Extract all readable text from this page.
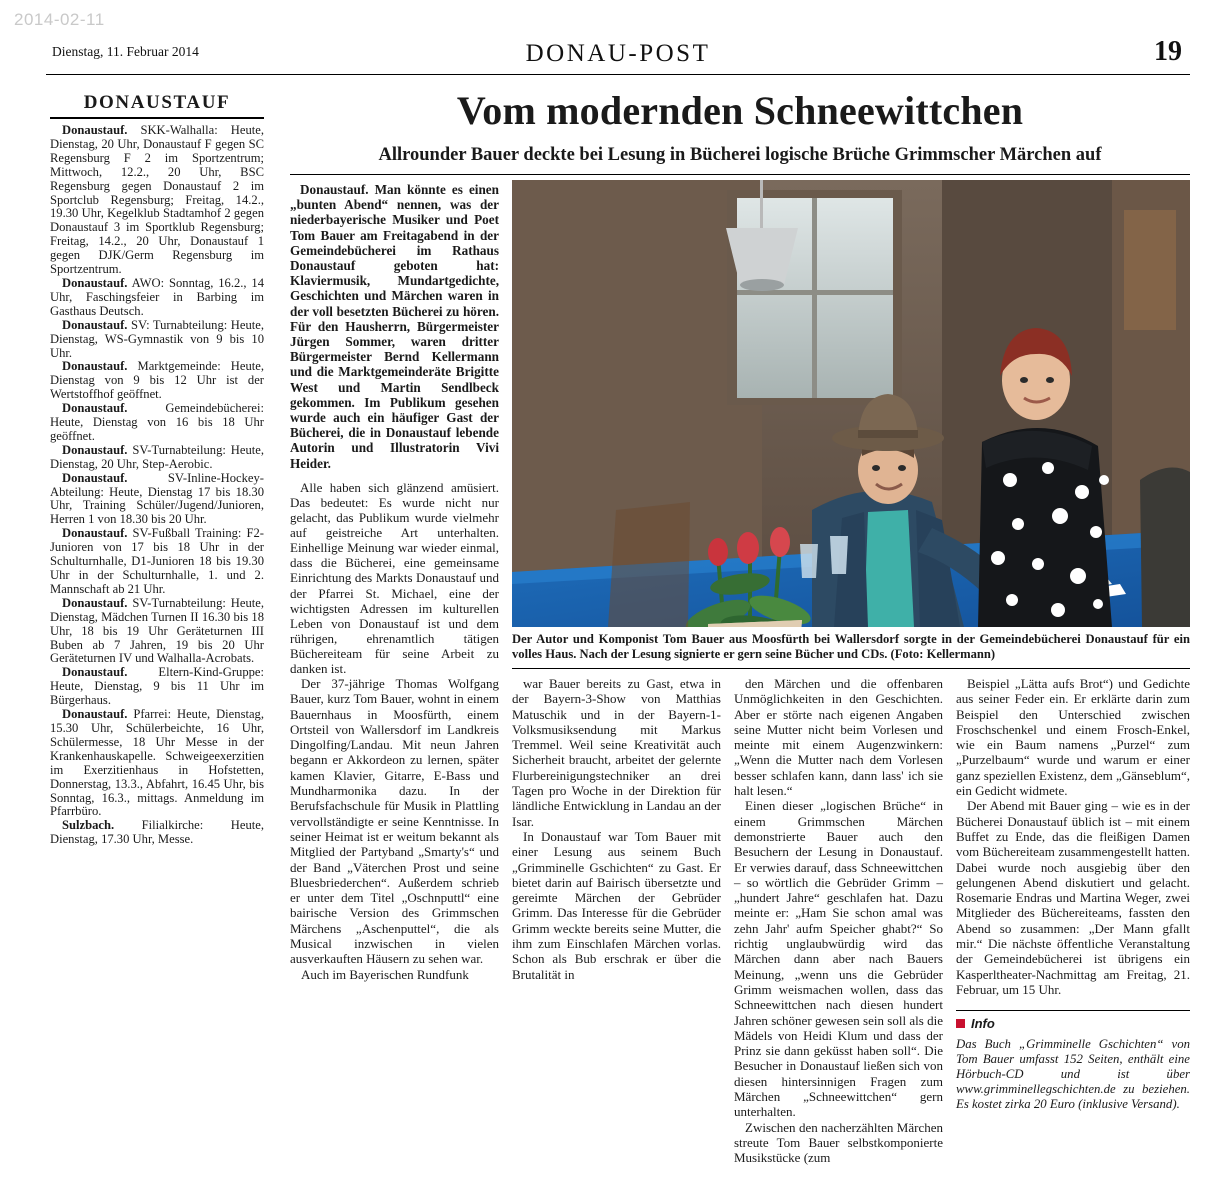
2014-02-11
Dienstag, 11. Februar 2014	DONAU-POST	19
DONAUSTAUF

Donaustauf. SKK-Walhalla: Heute, Dienstag, 20 Uhr, Donaustauf F gegen SC Regensburg F 2 im Sportzentrum; Mittwoch, 12.2., 20 Uhr, BSC Regensburg gegen Donaustauf 2 im Sportclub Regensburg; Freitag, 14.2., 19.30 Uhr, Kegelklub Stadtamhof 2 gegen Donaustauf 3 im Sportklub Regensburg; Freitag, 14.2., 20 Uhr, Donaustauf 1 gegen DJK/Germ Regensburg im Sportzentrum.

Donaustauf. AWO: Sonntag, 16.2., 14 Uhr, Faschingsfeier in Barbing im Gasthaus Deutsch.

Donaustauf. SV: Turnabteilung: Heute, Dienstag, WS-Gymnastik von 9 bis 10 Uhr.

Donaustauf. Marktgemeinde: Heute, Dienstag von 9 bis 12 Uhr ist der Wertstoffhof geöffnet.

Donaustauf. Gemeindebücherei: Heute, Dienstag von 16 bis 18 Uhr geöffnet.

Donaustauf. SV-Turnabteilung: Heute, Dienstag, 20 Uhr, Step-Aerobic.

Donaustauf. SV-Inline-Hockey-Abteilung: Heute, Dienstag 17 bis 18.30 Uhr, Training Schüler/Jugend/Junioren, Herren 1 von 18.30 bis 20 Uhr.

Donaustauf. SV-Fußball Training: F2-Junioren von 17 bis 18 Uhr in der Schulturnhalle, D1-Junioren 18 bis 19.30 Uhr in der Schulturnhalle, 1. und 2. Mannschaft ab 21 Uhr.

Donaustauf. SV-Turnabteilung: Heute, Dienstag, Mädchen Turnen II 16.30 bis 18 Uhr, 18 bis 19 Uhr Geräteturnen III Buben ab 7 Jahren, 19 bis 20 Uhr Geräteturnen IV und Walhalla-Acrobats.

Donaustauf. Eltern-Kind-Gruppe: Heute, Dienstag, 9 bis 11 Uhr im Bürgerhaus.

Donaustauf. Pfarrei: Heute, Dienstag, 15.30 Uhr, Schülerbeichte, 16 Uhr, Schülermesse, 18 Uhr Messe in der Krankenhauskapelle. Schweigeexerzitien im Exerzitienhaus in Hofstetten, Donnerstag, 13.3., Abfahrt, 16.45 Uhr, bis Sonntag, 16.3., mittags. Anmeldung im Pfarrbüro.

Sulzbach. Filialkirche: Heute, Dienstag, 17.30 Uhr, Messe.

Vom modernden Schneewittchen
Allrounder Bauer deckte bei Lesung in Bücherei logische Brüche Grimmscher Märchen auf

Donaustauf. Man könnte es einen „bunten Abend“ nennen, was der niederbayerische Musiker und Poet Tom Bauer am Freitagabend in der Gemeindebücherei im Rathaus Donaustauf geboten hat: Klaviermusik, Mundartgedichte, Geschichten und Märchen waren in der voll besetzten Bücherei zu hören. Für den Hausherrn, Bürgermeister Jürgen Sommer, waren dritter Bürgermeister Bernd Kellermann und die Marktgemeinderäte Brigitte West und Martin Sendlbeck gekommen. Im Publikum gesehen wurde auch ein häufiger Gast der Bücherei, die in Donaustauf lebende Autorin und Illustratorin Vivi Heider.

Alle haben sich glänzend amüsiert. Das bedeutet: Es wurde nicht nur gelacht, das Publikum wurde vielmehr auf geistreiche Art unterhalten. Einhellige Meinung war wieder einmal, dass die Bücherei, eine gemeinsame Einrichtung des Markts Donaustauf und der Pfarrei St. Michael, eine der wichtigsten Adressen im kulturellen Leben von Donaustauf ist und dem rührigen, ehrenamtlich tätigen Büchereiteam für seine Arbeit zu danken ist.

Der Autor und Komponist Tom Bauer aus Moosfürth bei Wallersdorf sorgte in der Gemeindebücherei Donaustauf für ein volles Haus. Nach der Lesung signierte er gern seine Bücher und CDs. (Foto: Kellermann)

Der 37-jährige Thomas Wolfgang Bauer, kurz Tom Bauer, wohnt in einem Bauernhaus in Moosfürth, einem Ortsteil von Wallersdorf im Landkreis Dingolfing/Landau. Mit neun Jahren begann er Akkordeon zu lernen, später kamen Klavier, Gitarre, E-Bass und Mundharmonika dazu. In der Berufsfachschule für Musik in Plattling vervollständigte er seine Kenntnisse. In seiner Heimat ist er weitum bekannt als Mitglied der Partyband „Smarty's“ und der Band „Väterchen Prost und seine Bluesbriederchen“. Außerdem schrieb er unter dem Titel „Oschnputtl“ eine bairische Version des Grimmschen Märchens „Aschenputtel“, die als Musical inzwischen in vielen ausverkauften Häusern zu sehen war.

Auch im Bayerischen Rundfunk

war Bauer bereits zu Gast, etwa in der Bayern-3-Show von Matthias Matuschik und in der Bayern-1-Volksmusiksendung mit Markus Tremmel. Weil seine Kreativität auch Sicherheit braucht, arbeitet der gelernte Flurbereinigungstechniker an drei Tagen pro Woche in der Direktion für ländliche Entwicklung in Landau an der Isar.

In Donaustauf war Tom Bauer mit einer Lesung aus seinem Buch „Grimminelle Gschichten“ zu Gast. Er bietet darin auf Bairisch übersetzte und gereimte Märchen der Gebrüder Grimm. Das Interesse für die Gebrüder Grimm weckte bereits seine Mutter, die ihm zum Einschlafen Märchen vorlas. Schon als Bub erschrak er über die Brutalität in

den Märchen und die offenbaren Unmöglichkeiten in den Geschichten. Aber er störte nach eigenen Angaben seine Mutter nicht beim Vorlesen und meinte mit einem Augenzwinkern: „Wenn die Mutter nach dem Vorlesen besser schlafen kann, dann lass' ich sie halt lesen.“

Einen dieser „logischen Brüche“ in einem Grimmschen Märchen demonstrierte Bauer auch den Besuchern der Lesung in Donaustauf. Er verwies darauf, dass Schneewittchen – so wörtlich die Gebrüder Grimm – „hundert Jahre“ geschlafen hat. Dazu meinte er: „Ham Sie schon amal was zehn Jahr' aufm Speicher ghabt?“ So richtig unglaubwürdig wird das Märchen dann aber nach Bauers Meinung, „wenn uns die Gebrüder Grimm weismachen wollen, dass das Schneewittchen nach diesen hundert Jahren schöner gewesen sein soll als die Mädels von Heidi Klum und dass der Prinz sie dann geküsst haben soll“. Die Besucher in Donaustauf ließen sich von diesen hintersinnigen Fragen zum Märchen „Schneewittchen“ gern unterhalten.

Zwischen den nacherzählten Märchen streute Tom Bauer selbstkomponierte Musikstücke (zum

Beispiel „Lätta aufs Brot“) und Gedichte aus seiner Feder ein. Er erklärte darin zum Beispiel den Unterschied zwischen Froschschenkel und einem Frosch-Enkel, wie ein Baum namens „Purzel“ zum „Purzelbaum“ wurde und warum er einer ganz speziellen Existenz, dem „Gänseblum“, ein Gedicht widmete.

Der Abend mit Bauer ging – wie es in der Bücherei Donaustauf üblich ist – mit einem Buffet zu Ende, das die fleißigen Damen vom Büchereiteam zusammengestellt hatten. Dabei wurde noch ausgiebig über den gelungenen Abend diskutiert und gelacht. Rosemarie Endras und Martina Weger, zwei Mitglieder des Büchereiteams, fassten den Abend so zusammen: „Der Mann gfallt mir.“ Die nächste öffentliche Veranstaltung der Gemeindebücherei ist übrigens ein Kasperltheater-Nachmittag am Freitag, 21. Februar, um 15 Uhr.

Info

Das Buch „Grimminelle Gschichten“ von Tom Bauer umfasst 152 Seiten, enthält eine Hörbuch-CD und ist über www.grimminellegschichten.de zu beziehen. Es kostet zirka 20 Euro (inklusive Versand).
